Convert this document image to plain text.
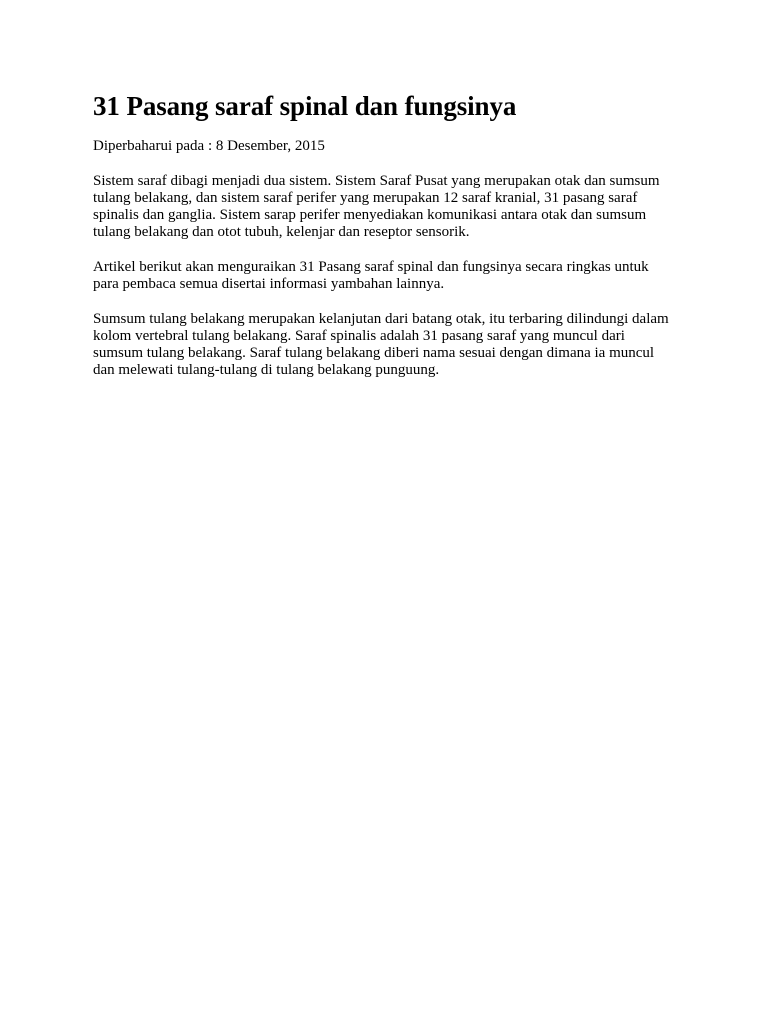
31 Pasang saraf spinal dan fungsinya

Diperbaharui pada : 8 Desember, 2015

Sistem saraf dibagi menjadi dua sistem. Sistem Saraf Pusat yang merupakan otak dan sumsum tulang belakang, dan sistem saraf perifer yang merupakan 12 saraf kranial, 31 pasang saraf spinalis dan ganglia. Sistem sarap perifer menyediakan komunikasi antara otak dan sumsum tulang belakang dan otot tubuh, kelenjar dan reseptor sensorik.

Artikel berikut akan menguraikan 31 Pasang saraf spinal dan fungsinya secara ringkas untuk para pembaca semua disertai informasi yambahan lainnya.

Sumsum tulang belakang merupakan kelanjutan dari batang otak, itu terbaring dilindungi dalam kolom vertebral tulang belakang. Saraf spinalis adalah 31 pasang saraf yang muncul dari sumsum tulang belakang. Saraf tulang belakang diberi nama sesuai dengan dimana ia muncul dan melewati tulang-tulang di tulang belakang punguung.
